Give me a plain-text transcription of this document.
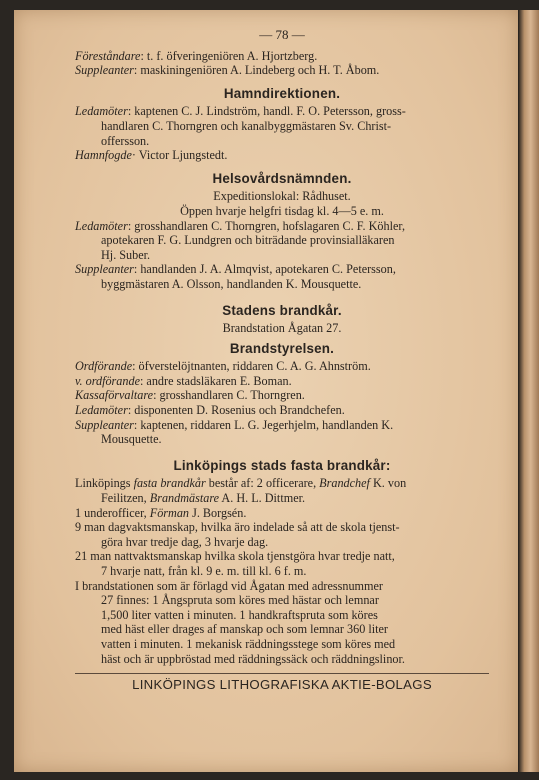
— 78 —
Föreståndare: t. f. öfveringeniören A. Hjortzberg.
Suppleanter: maskiningeniören A. Lindeberg och H. T. Åbom.
Hamndirektionen.
Ledamöter: kaptenen C. J. Lindström, handl. F. O. Petersson, gross-
handlaren C. Thorngren och kanalbyggmästaren Sv. Christ-
offersson.
Hamnfogde· Victor Ljungstedt.
Helsovårdsnämnden.
Expeditionslokal: Rådhuset.
Öppen hvarje helgfri tisdag kl. 4—5 e. m.
Ledamöter: grosshandlaren C. Thorngren, hofslagaren C. F. Köhler,
apotekaren F. G. Lundgren och biträdande provinsialläkaren
Hj. Suber.
Suppleanter: handlanden J. A. Almqvist, apotekaren C. Petersson,
byggmästaren A. Olsson, handlanden K. Mousquette.
Stadens brandkår.
Brandstation Ågatan 27.
Brandstyrelsen.
Ordförande: öfverstelöjtnanten, riddaren C. A. G. Ahnström.
v. ordförande: andre stadsläkaren E. Boman.
Kassaförvaltare: grosshandlaren C. Thorngren.
Ledamöter: disponenten D. Rosenius och Brandchefen.
Suppleanter: kaptenen, riddaren L. G. Jegerhjelm, handlanden K.
Mousquette.
Linköpings stads fasta brandkår:
Linköpings fasta brandkår består af: 2 officerare, Brandchef K. von
Feilitzen, Brandmästare A. H. L. Dittmer.
1 underofficer, Förman J. Borgsén.
9 man dagvaktsmanskap, hvilka äro indelade så att de skola tjenst-
göra hvar tredje dag, 3 hvarje dag.
21 man nattvaktsmanskap hvilka skola tjenstgöra hvar tredje natt,
7 hvarje natt, från kl. 9 e. m. till kl. 6 f. m.
I brandstationen som är förlagd vid Ågatan med adressnummer
27 finnes: 1 Ångspruta som köres med hästar och lemnar
1,500 liter vatten i minuten. 1 handkraftspruta som köres
med häst eller drages af manskap och som lemnar 360 liter
vatten i minuten. 1 mekanisk räddningsstege som köres med
häst och är uppbröstad med räddningssäck och räddningslinor.
LINKÖPINGS LITHOGRAFISKA AKTIE-BOLAGS
